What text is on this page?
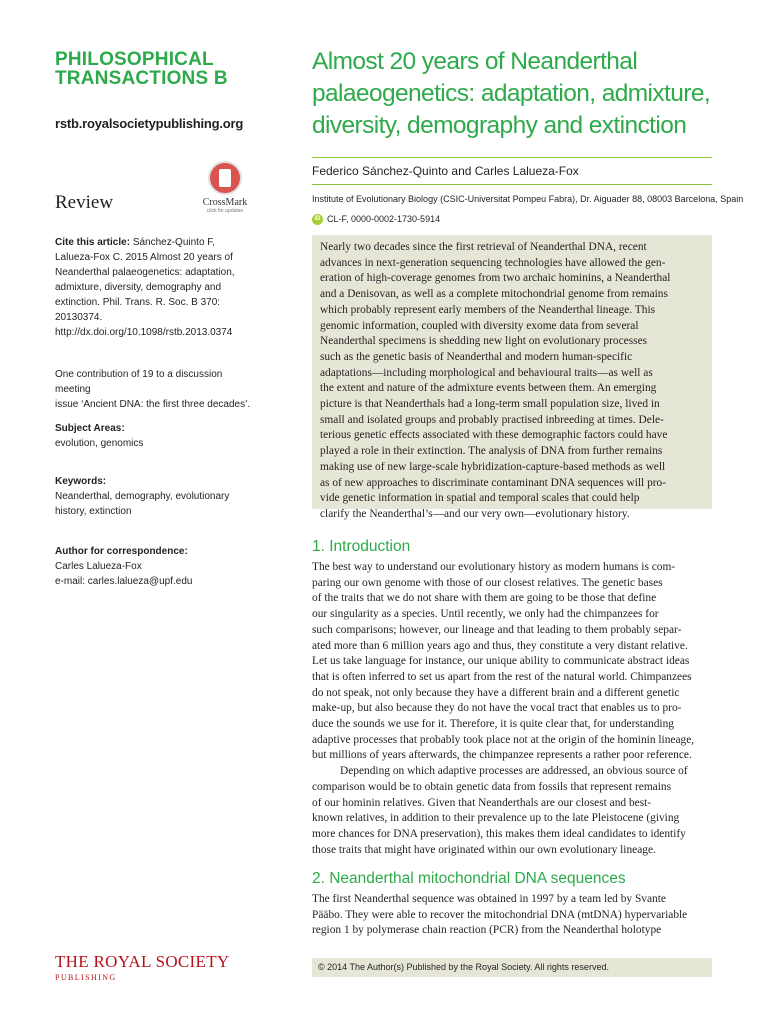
PHILOSOPHICAL
TRANSACTIONS B
rstb.royalsocietypublishing.org
Review	CrossMark
click for updates
Cite this article: Sánchez-Quinto F,
Lalueza-Fox C. 2015 Almost 20 years of
Neanderthal palaeogenetics: adaptation,
admixture, diversity, demography and
extinction. Phil. Trans. R. Soc. B 370:
20130374.
http://dx.doi.org/10.1098/rstb.2013.0374
One contribution of 19 to a discussion meeting
issue ‘Ancient DNA: the first three decades’.
Subject Areas:
evolution, genomics
Keywords:
Neanderthal, demography, evolutionary
history, extinction
Author for correspondence:
Carles Lalueza-Fox
e-mail: carles.lalueza@upf.edu
THE ROYAL SOCIETY
PUBLISHING
Almost 20 years of Neanderthal
palaeogenetics: adaptation, admixture,
diversity, demography and extinction
Federico Sánchez-Quinto and Carles Lalueza-Fox
Institute of Evolutionary Biology (CSIC-Universitat Pompeu Fabra), Dr. Aiguader 88, 08003 Barcelona, Spain
iD CL-F, 0000-0002-1730-5914
Nearly two decades since the first retrieval of Neanderthal DNA, recent
advances in next-generation sequencing technologies have allowed the gen-
eration of high-coverage genomes from two archaic hominins, a Neanderthal
and a Denisovan, as well as a complete mitochondrial genome from remains
which probably represent early members of the Neanderthal lineage. This
genomic information, coupled with diversity exome data from several
Neanderthal specimens is shedding new light on evolutionary processes
such as the genetic basis of Neanderthal and modern human-specific
adaptations—including morphological and behavioural traits—as well as
the extent and nature of the admixture events between them. An emerging
picture is that Neanderthals had a long-term small population size, lived in
small and isolated groups and probably practised inbreeding at times. Dele-
terious genetic effects associated with these demographic factors could have
played a role in their extinction. The analysis of DNA from further remains
making use of new large-scale hybridization-capture-based methods as well
as of new approaches to discriminate contaminant DNA sequences will pro-
vide genetic information in spatial and temporal scales that could help
clarify the Neanderthal’s—and our very own—evolutionary history.
1. Introduction
The best way to understand our evolutionary history as modern humans is com-
paring our own genome with those of our closest relatives. The genetic bases
of the traits that we do not share with them are going to be those that define
our singularity as a species. Until recently, we only had the chimpanzees for
such comparisons; however, our lineage and that leading to them probably separ-
ated more than 6 million years ago and thus, they constitute a very distant relative.
Let us take language for instance, our unique ability to communicate abstract ideas
that is often inferred to set us apart from the rest of the natural world. Chimpanzees
do not speak, not only because they have a different brain and a different genetic
make-up, but also because they do not have the vocal tract that enables us to pro-
duce the sounds we use for it. Therefore, it is quite clear that, for understanding
adaptive processes that probably took place not at the origin of the hominin lineage,
but millions of years afterwards, the chimpanzee represents a rather poor reference.
Depending on which adaptive processes are addressed, an obvious source of
comparison would be to obtain genetic data from fossils that represent remains
of our hominin relatives. Given that Neanderthals are our closest and best-
known relatives, in addition to their prevalence up to the late Pleistocene (giving
more chances for DNA preservation), this makes them ideal candidates to identify
those traits that might have originated within our own evolutionary lineage.
2. Neanderthal mitochondrial DNA sequences
The first Neanderthal sequence was obtained in 1997 by a team led by Svante
Pääbo. They were able to recover the mitochondrial DNA (mtDNA) hypervariable
region 1 by polymerase chain reaction (PCR) from the Neanderthal holotype
© 2014 The Author(s) Published by the Royal Society. All rights reserved.
